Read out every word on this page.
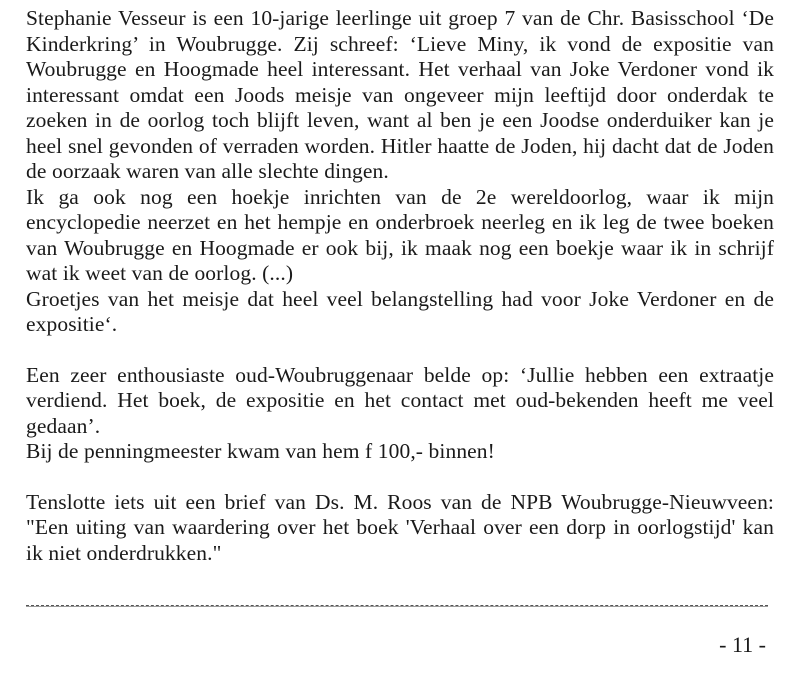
Stephanie Vesseur is een 10-jarige leerlinge uit groep 7 van de Chr. Basisschool ‘De Kinderkring’ in Woubrugge. Zij schreef: ‘Lieve Miny, ik vond de expositie van Woubrugge en Hoogmade heel interessant. Het verhaal van Joke Verdoner vond ik interessant omdat een Joods meisje van ongeveer mijn leeftijd door onderdak te zoeken in de oorlog toch blijft leven, want al ben je een Joodse onderduiker kan je heel snel gevonden of verraden worden. Hitler haatte de Joden, hij dacht dat de Joden de oorzaak waren van alle slechte dingen.

Ik ga ook nog een hoekje inrichten van de 2e wereldoorlog, waar ik mijn encyclopedie neerzet en het hempje en onderbroek neerleg en ik leg de twee boeken van Woubrugge en Hoogmade er ook bij, ik maak nog een boekje waar ik in schrijf wat ik weet van de oorlog. (...)

Groetjes van het meisje dat heel veel belangstelling had voor Joke Verdoner en de expositie‘.

Een zeer enthousiaste oud-Woubruggenaar belde op: ‘Jullie hebben een extraatje verdiend. Het boek, de expositie en het contact met oud-bekenden heeft me veel gedaan’.

Bij de penningmeester kwam van hem f 100,- binnen!

Tenslotte iets uit een brief van Ds. M. Roos van de NPB Woubrugge-Nieuwveen: "Een uiting van waardering over het boek 'Verhaal over een dorp in oorlogstijd' kan ik niet onderdrukken."

- 11 -
